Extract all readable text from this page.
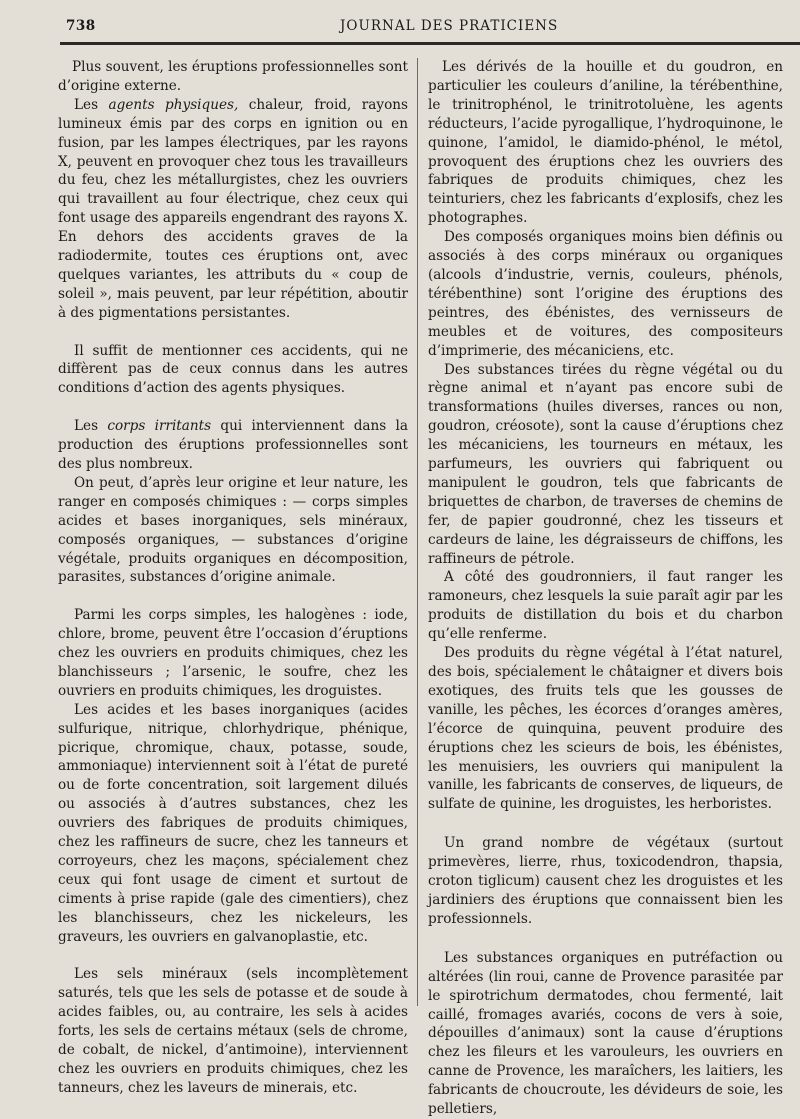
738	JOURNAL DES PRATICIENS

Plus souvent, les éruptions professionnelles sont d’origine externe.

Les agents physiques, chaleur, froid, rayons lumineux émis par des corps en ignition ou en fusion, par les lampes électriques, par les rayons X, peuvent en provoquer chez tous les travailleurs du feu, chez les métallurgistes, chez les ouvriers qui travaillent au four électrique, chez ceux qui font usage des appareils engendrant des rayons X. En dehors des accidents graves de la radiodermite, toutes ces éruptions ont, avec quelques variantes, les attributs du « coup de soleil », mais peuvent, par leur répétition, aboutir à des pigmentations persistantes.

Il suffit de mentionner ces accidents, qui ne diffèrent pas de ceux connus dans les autres conditions d’action des agents physiques.

Les corps irritants qui interviennent dans la production des éruptions professionnelles sont des plus nombreux.

On peut, d’après leur origine et leur nature, les ranger en composés chimiques : — corps simples acides et bases inorganiques, sels minéraux, composés organiques, — substances d’origine végétale, produits organiques en décomposition, parasites, substances d’origine animale.

Parmi les corps simples, les halogènes : iode, chlore, brome, peuvent être l’occasion d’éruptions chez les ouvriers en produits chimiques, chez les blanchisseurs ; l’arsenic, le soufre, chez les ouvriers en produits chimiques, les droguistes.

Les acides et les bases inorganiques (acides sulfurique, nitrique, chlorhydrique, phénique, picrique, chromique, chaux, potasse, soude, ammoniaque) interviennent soit à l’état de pureté ou de forte concentration, soit largement dilués ou associés à d’autres substances, chez les ouvriers des fabriques de produits chimiques, chez les raffineurs de sucre, chez les tanneurs et corroyeurs, chez les maçons, spécialement chez ceux qui font usage de ciment et surtout de ciments à prise rapide (gale des cimentiers), chez les blanchisseurs, chez les nickeleurs, les graveurs, les ouvriers en galvanoplastie, etc.

Les sels minéraux (sels incomplètement saturés, tels que les sels de potasse et de soude à acides faibles, ou, au contraire, les sels à acides forts, les sels de certains métaux (sels de chrome, de cobalt, de nickel, d’antimoine), interviennent chez les ouvriers en produits chimiques, chez les tanneurs, chez les laveurs de minerais, etc.

Les dérivés de la houille et du goudron, en particulier les couleurs d’aniline, la térébenthine, le trinitrophénol, le trinitrotoluène, les agents réducteurs, l’acide pyrogallique, l’hydroquinone, le quinone, l’amidol, le diamido-phénol, le métol, provoquent des éruptions chez les ouvriers des fabriques de produits chimiques, chez les teinturiers, chez les fabricants d’explosifs, chez les photographes.

Des composés organiques moins bien définis ou associés à des corps minéraux ou organiques (alcools d’industrie, vernis, couleurs, phénols, térébenthine) sont l’origine des éruptions des peintres, des ébénistes, des vernisseurs de meubles et de voitures, des compositeurs d’imprimerie, des mécaniciens, etc.

Des substances tirées du règne végétal ou du règne animal et n’ayant pas encore subi de transformations (huiles diverses, rances ou non, goudron, créosote), sont la cause d’éruptions chez les mécaniciens, les tourneurs en métaux, les parfumeurs, les ouvriers qui fabriquent ou manipulent le goudron, tels que fabricants de briquettes de charbon, de traverses de chemins de fer, de papier goudronné, chez les tisseurs et cardeurs de laine, les dégraisseurs de chiffons, les raffineurs de pétrole.

A côté des goudronniers, il faut ranger les ramoneurs, chez lesquels la suie paraît agir par les produits de distillation du bois et du charbon qu’elle renferme.

Des produits du règne végétal à l’état naturel, des bois, spécialement le châtaigner et divers bois exotiques, des fruits tels que les gousses de vanille, les pêches, les écorces d’oranges amères, l’écorce de quinquina, peuvent produire des éruptions chez les scieurs de bois, les ébénistes, les menuisiers, les ouvriers qui manipulent la vanille, les fabricants de conserves, de liqueurs, de sulfate de quinine, les droguistes, les herboristes.

Un grand nombre de végétaux (surtout primevères, lierre, rhus, toxicodendron, thapsia, croton tiglicum) causent chez les droguistes et les jardiniers des éruptions que connaissent bien les professionnels.

Les substances organiques en putréfaction ou altérées (lin roui, canne de Provence parasitée par le spirotrichum dermatodes, chou fermenté, lait caillé, fromages avariés, cocons de vers à soie, dépouilles d’animaux) sont la cause d’éruptions chez les fileurs et les varouleurs, les ouvriers en canne de Provence, les maraîchers, les laitiers, les fabricants de choucroute, les dévideurs de soie, les pelletiers,
